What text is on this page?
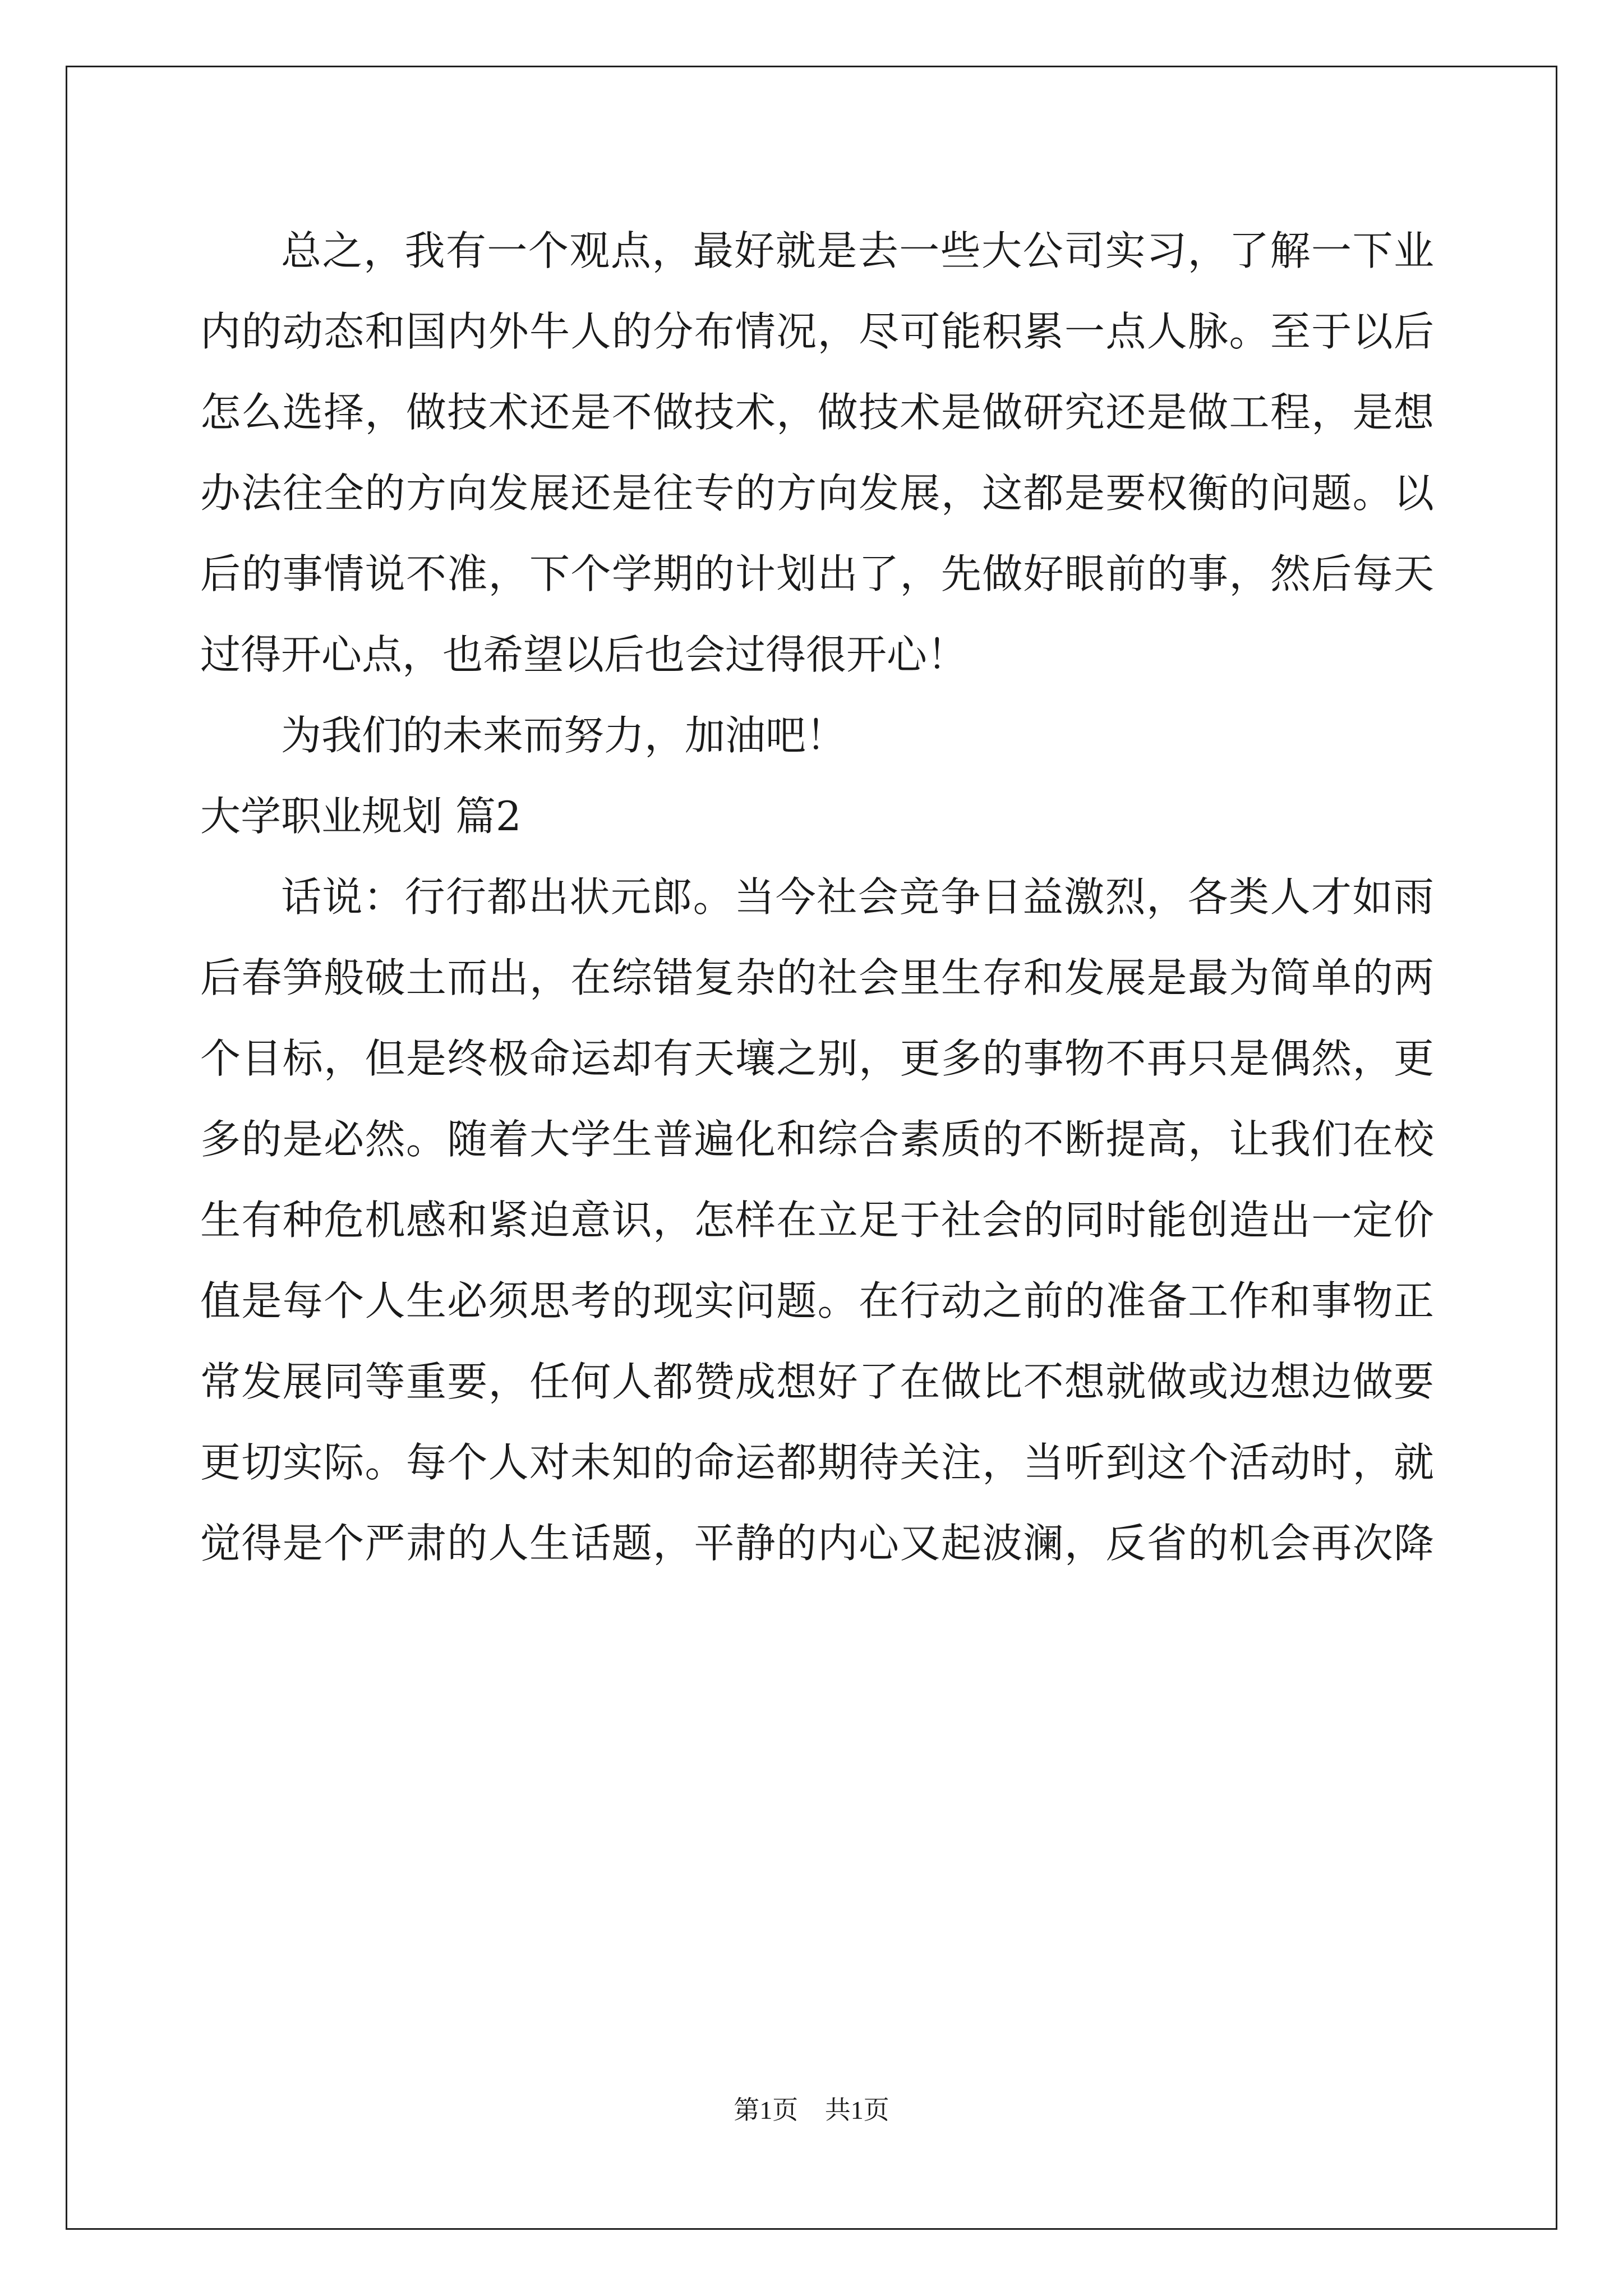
总之，我有一个观点，最好就是去一些大公司实习，了解一下业
内的动态和国内外牛人的分布情况，尽可能积累一点人脉。至于以后
怎么选择，做技术还是不做技术，做技术是做研究还是做工程，是想
办法往全的方向发展还是往专的方向发展，这都是要权衡的问题。以
后的事情说不准，下个学期的计划出了，先做好眼前的事，然后每天
过得开心点，也希望以后也会过得很开心！
为我们的未来而努力，加油吧！
大学职业规划 篇2
话说：行行都出状元郎。当今社会竞争日益激烈，各类人才如雨
后春笋般破土而出，在综错复杂的社会里生存和发展是最为简单的两
个目标，但是终极命运却有天壤之别，更多的事物不再只是偶然，更
多的是必然。随着大学生普遍化和综合素质的不断提高，让我们在校
生有种危机感和紧迫意识，怎样在立足于社会的同时能创造出一定价
值是每个人生必须思考的现实问题。在行动之前的准备工作和事物正
常发展同等重要，任何人都赞成想好了在做比不想就做或边想边做要
更切实际。每个人对未知的命运都期待关注，当听到这个活动时，就
觉得是个严肃的人生话题，平静的内心又起波澜，反省的机会再次降
第1页 共1页
